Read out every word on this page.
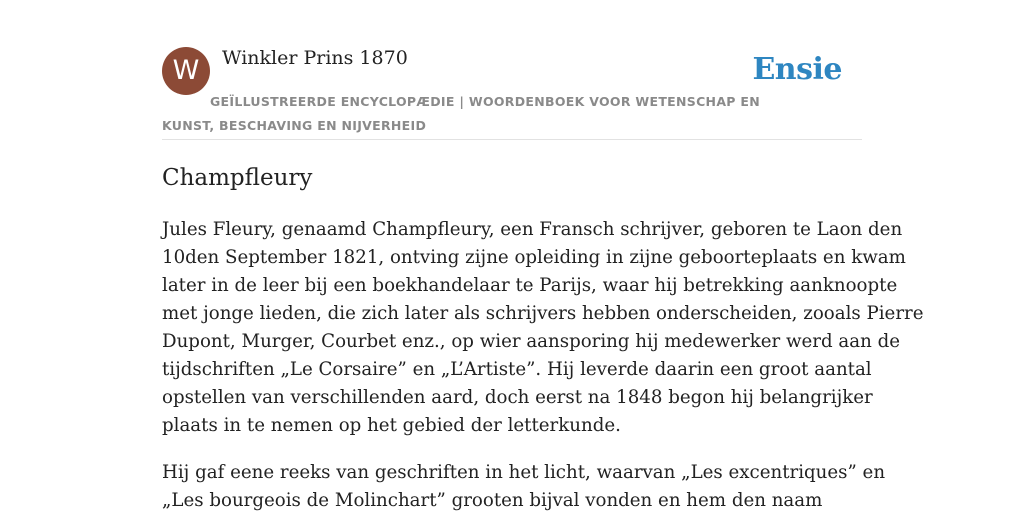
W	Winkler Prins 1870	Ensie
GEÏLLUSTREERDE ENCYCLOPÆDIE | WOORDENBOEK VOOR WETENSCHAP EN KUNST, BESCHAVING EN NIJVERHEID
Champfleury

Jules Fleury, genaamd Champfleury, een Fransch schrijver, geboren te Laon den
10den September 1821, ontving zijne opleiding in zijne geboorteplaats en kwam
later in de leer bij een boekhandelaar te Parijs, waar hij betrekking aanknoopte
met jonge lieden, die zich later als schrijvers hebben onderscheiden, zooals Pierre
Dupont, Murger, Courbet enz., op wier aansporing hij medewerker werd aan de
tijdschriften „Le Corsaire” en „L’Artiste”. Hij leverde daarin een groot aantal
opstellen van verschillenden aard, doch eerst na 1848 begon hij belangrijker
plaats in te nemen op het gebied der letterkunde.

Hij gaf eene reeks van geschriften in het licht, waarvan „Les excentriques” en
„Les bourgeois de Molinchart” grooten bijval vonden en hem den naam
